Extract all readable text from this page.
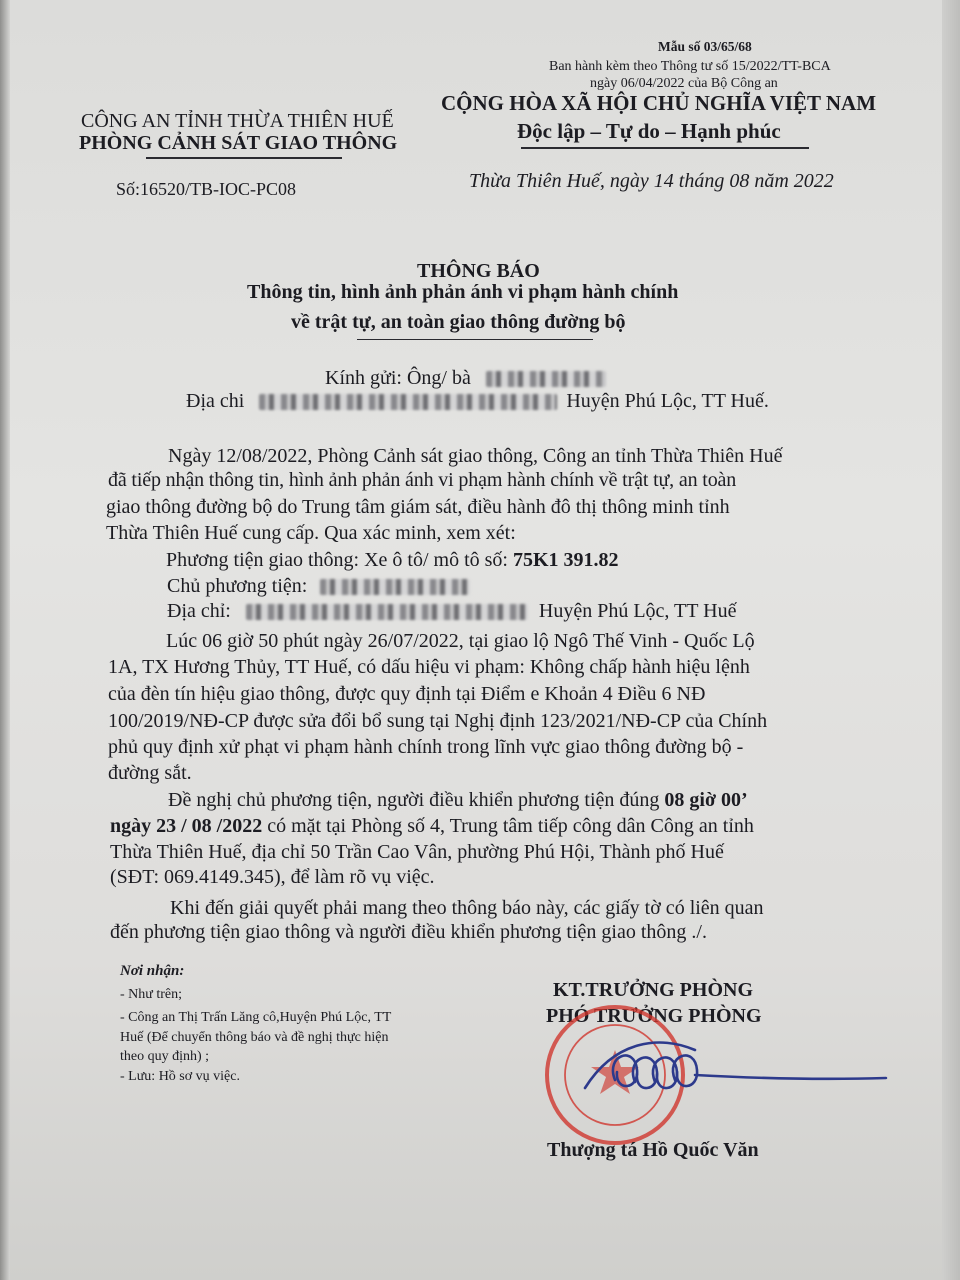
Mẫu số 03/65/68
Ban hành kèm theo Thông tư số 15/2022/TT-BCA
ngày 06/04/2022 của Bộ Công an
CÔNG AN TỈNH THỪA THIÊN HUẾ
PHÒNG CẢNH SÁT GIAO THÔNG
Số:16520/TB-IOC-PC08
CỘNG HÒA XÃ HỘI CHỦ NGHĨA VIỆT NAM
Độc lập – Tự do – Hạnh phúc
Thừa Thiên Huế, ngày 14 tháng 08 năm 2022
THÔNG BÁO
Thông tin, hình ảnh phản ánh vi phạm hành chính
về trật tự, an toàn giao thông đường bộ
Kính gửi: Ông/ bà
Địa chi	Huyện Phú Lộc, TT Huế.
Ngày 12/08/2022, Phòng Cảnh sát giao thông, Công an tỉnh Thừa Thiên Huế
đã tiếp nhận thông tin, hình ảnh phản ánh vi phạm hành chính về trật tự, an toàn
giao thông đường bộ do Trung tâm giám sát, điều hành đô thị thông minh tỉnh
Thừa Thiên Huế cung cấp. Qua xác minh, xem xét:
Phương tiện giao thông: Xe ô tô/ mô tô số: 75K1 391.82
Chủ phương tiện:
Địa chỉ:	Huyện Phú Lộc, TT Huế
Lúc 06 giờ 50 phút ngày 26/07/2022, tại giao lộ Ngô Thế Vinh - Quốc Lộ
1A, TX Hương Thủy, TT Huế, có dấu hiệu vi phạm: Không chấp hành hiệu lệnh
của đèn tín hiệu giao thông, được quy định tại Điểm e Khoản 4 Điều 6 NĐ
100/2019/NĐ-CP được sửa đổi bổ sung tại Nghị định 123/2021/NĐ-CP của Chính
phủ quy định xử phạt vi phạm hành chính trong lĩnh vực giao thông đường bộ -
đường sắt.
Đề nghị chủ phương tiện, người điều khiển phương tiện đúng 08 giờ 00’
ngày 23 / 08 /2022 có mặt tại Phòng số 4, Trung tâm tiếp công dân Công an tỉnh
Thừa Thiên Huế, địa chỉ 50 Trần Cao Vân, phường Phú Hội, Thành phố Huế
(SĐT: 069.4149.345), để làm rõ vụ việc.
Khi đến giải quyết phải mang theo thông báo này, các giấy tờ có liên quan
đến phương tiện giao thông và người điều khiển phương tiện giao thông ./.
Nơi nhận:
- Như trên;
- Công an Thị Trấn Lăng cô,Huyện Phú Lộc, TT
Huế (Để chuyển thông báo và đề nghị thực hiện
theo quy định) ;
- Lưu: Hồ sơ vụ việc.
KT.TRƯỞNG PHÒNG
PHÓ TRƯỞNG PHÒNG
Thượng tá Hồ Quốc Văn
